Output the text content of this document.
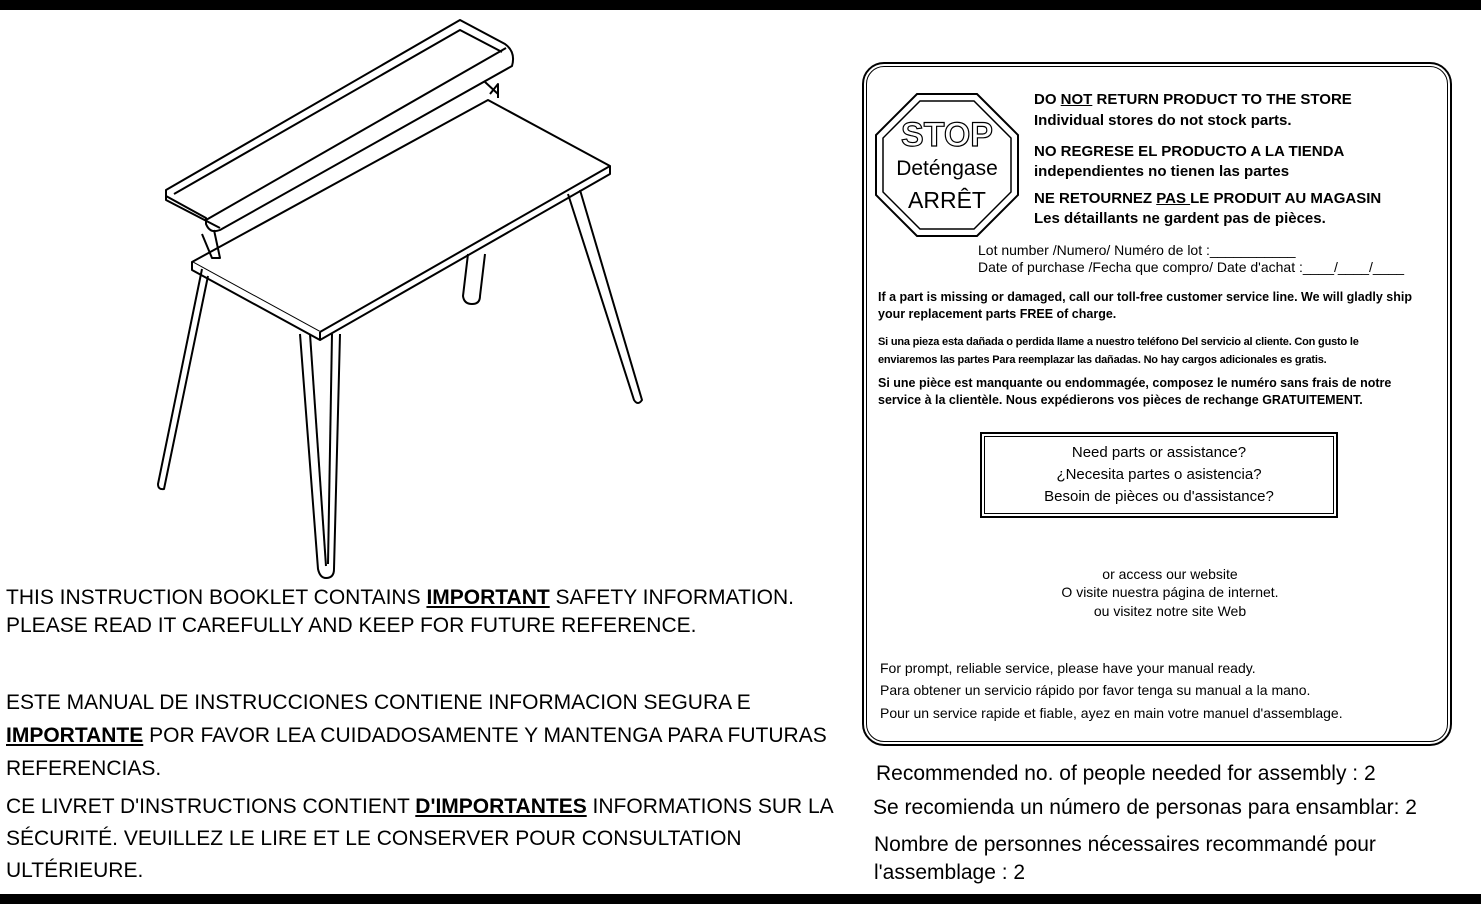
THIS INSTRUCTION BOOKLET CONTAINS IMPORTANT SAFETY INFORMATION. PLEASE READ IT CAREFULLY AND KEEP FOR FUTURE REFERENCE.
ESTE MANUAL DE INSTRUCCIONES CONTIENE INFORMACION SEGURA E IMPORTANTE POR FAVOR LEA CUIDADOSAMENTE Y MANTENGA PARA FUTURAS REFERENCIAS.
CE LIVRET D'INSTRUCTIONS CONTIENT D'IMPORTANTES INFORMATIONS SUR LA SÉCURITÉ. VEUILLEZ LE LIRE ET LE CONSERVER POUR CONSULTATION ULTÉRIEURE.
STOP
Deténgase
ARRÊT
DO NOT RETURN PRODUCT TO THE STORE
Individual stores do not stock parts.
NO REGRESE EL PRODUCTO A LA TIENDA
independientes no tienen las partes
NE RETOURNEZ PAS LE PRODUIT AU MAGASIN
Les détaillants ne gardent pas de pièces.
Lot number /Numero/ Numéro de lot :___________
Date of purchase /Fecha que compro/ Date d'achat :____/____/____
If a part is missing or damaged, call our toll-free customer service line. We will gladly ship your replacement parts FREE of charge.
Si una pieza esta dañada o perdida llame a nuestro teléfono Del servicio al cliente. Con gusto le enviaremos las partes Para reemplazar las dañadas. No hay cargos adicionales es gratis.
Si une pièce est manquante ou endommagée, composez le numéro sans frais de notre service à la clientèle. Nous expédierons vos pièces de rechange GRATUITEMENT.
Need parts or assistance?
¿Necesita partes o asistencia?
Besoin de pièces ou d'assistance?
or access our website
O visite nuestra página de internet.
ou visitez notre site Web
For prompt, reliable service, please have your manual ready.
Para obtener un servicio rápido por favor tenga su manual a la mano.
Pour un service rapide et fiable, ayez en main votre manuel d'assemblage.
Recommended no. of people needed for assembly : 2
Se recomienda un número de personas para ensamblar: 2
Nombre de personnes nécessaires recommandé pour l'assemblage : 2
